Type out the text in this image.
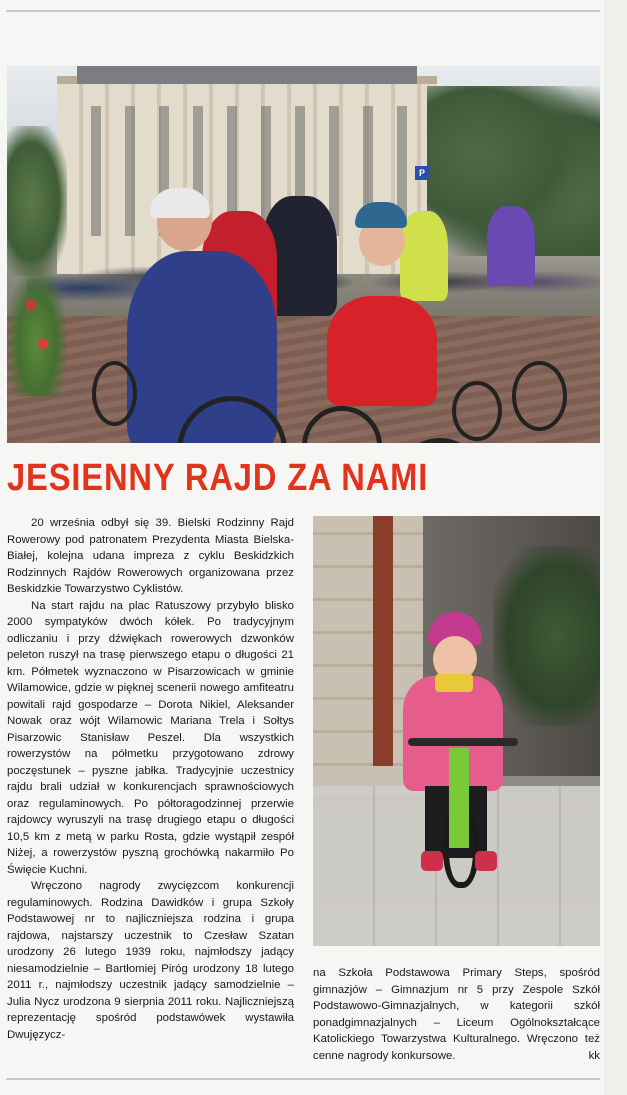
P
JESIENNY RAJD ZA NAMI

20 września odbył się 39. Bielski Rodzinny Rajd Rowerowy pod patronatem Prezydenta Miasta Bielska-Białej, kolejna udana impreza z cyklu Beskidzkich Rodzinnych Rajdów Rowerowych organizowana przez Beskidzkie Towarzystwo Cyklistów.

Na start rajdu na plac Ratuszowy przybyło blisko 2000 sympatyków dwóch kółek. Po tradycyjnym odliczaniu i przy dźwiękach rowerowych dzwonków peleton ruszył na trasę pierwszego etapu o długości 21 km. Półmetek wyznaczono w Pisarzowicach w gminie Wilamowice, gdzie w pięknej scenerii nowego amfiteatru powitali rajd gospodarze – Dorota Nikiel, Aleksander Nowak oraz wójt Wilamowic Mariana Trela i Sołtys Pisarzowic Stanisław Peszel. Dla wszystkich rowerzystów na półmetku przygotowano zdrowy poczęstunek – pyszne jabłka. Tradycyjnie uczestnicy rajdu brali udział w konkurencjach sprawnościowych oraz regulaminowych. Po półtoragodzinnej przerwie rajdowcy wyruszyli na trasę drugiego etapu o długości 10,5 km z metą w parku Rosta, gdzie wystąpił zespół Niżej, a rowerzystów pyszną grochówką nakarmiło Po Święcie Kuchni.

Wręczono nagrody zwycięzcom konkurencji regulaminowych. Rodzina Dawidków i grupa Szkoły Podstawowej nr to najliczniejsza rodzina i grupa rajdowa, najstarszy uczestnik to Czesław Szatan urodzony 26 lutego 1939 roku, najmłodszy jadący niesamodzielnie – Bartłomiej Piróg urodzony 18 lutego 2011 r., najmłodszy uczestnik jadący samodzielnie – Julia Nycz urodzona 9 sierpnia 2011 roku. Najliczniejszą reprezentację spośród podstawówek wystawiła Dwujęzycz-

na Szkoła Podstawowa Primary Steps, spośród gimnazjów – Gimnazjum nr 5 przy Zespole Szkół Podstawowo-Gimnazjalnych, w kategorii szkół ponadgimnazjalnych – Liceum Ogólnokształcące Katolickiego Towarzystwa Kulturalnego. Wręczono też cenne nagrody konkursowe.	kk
